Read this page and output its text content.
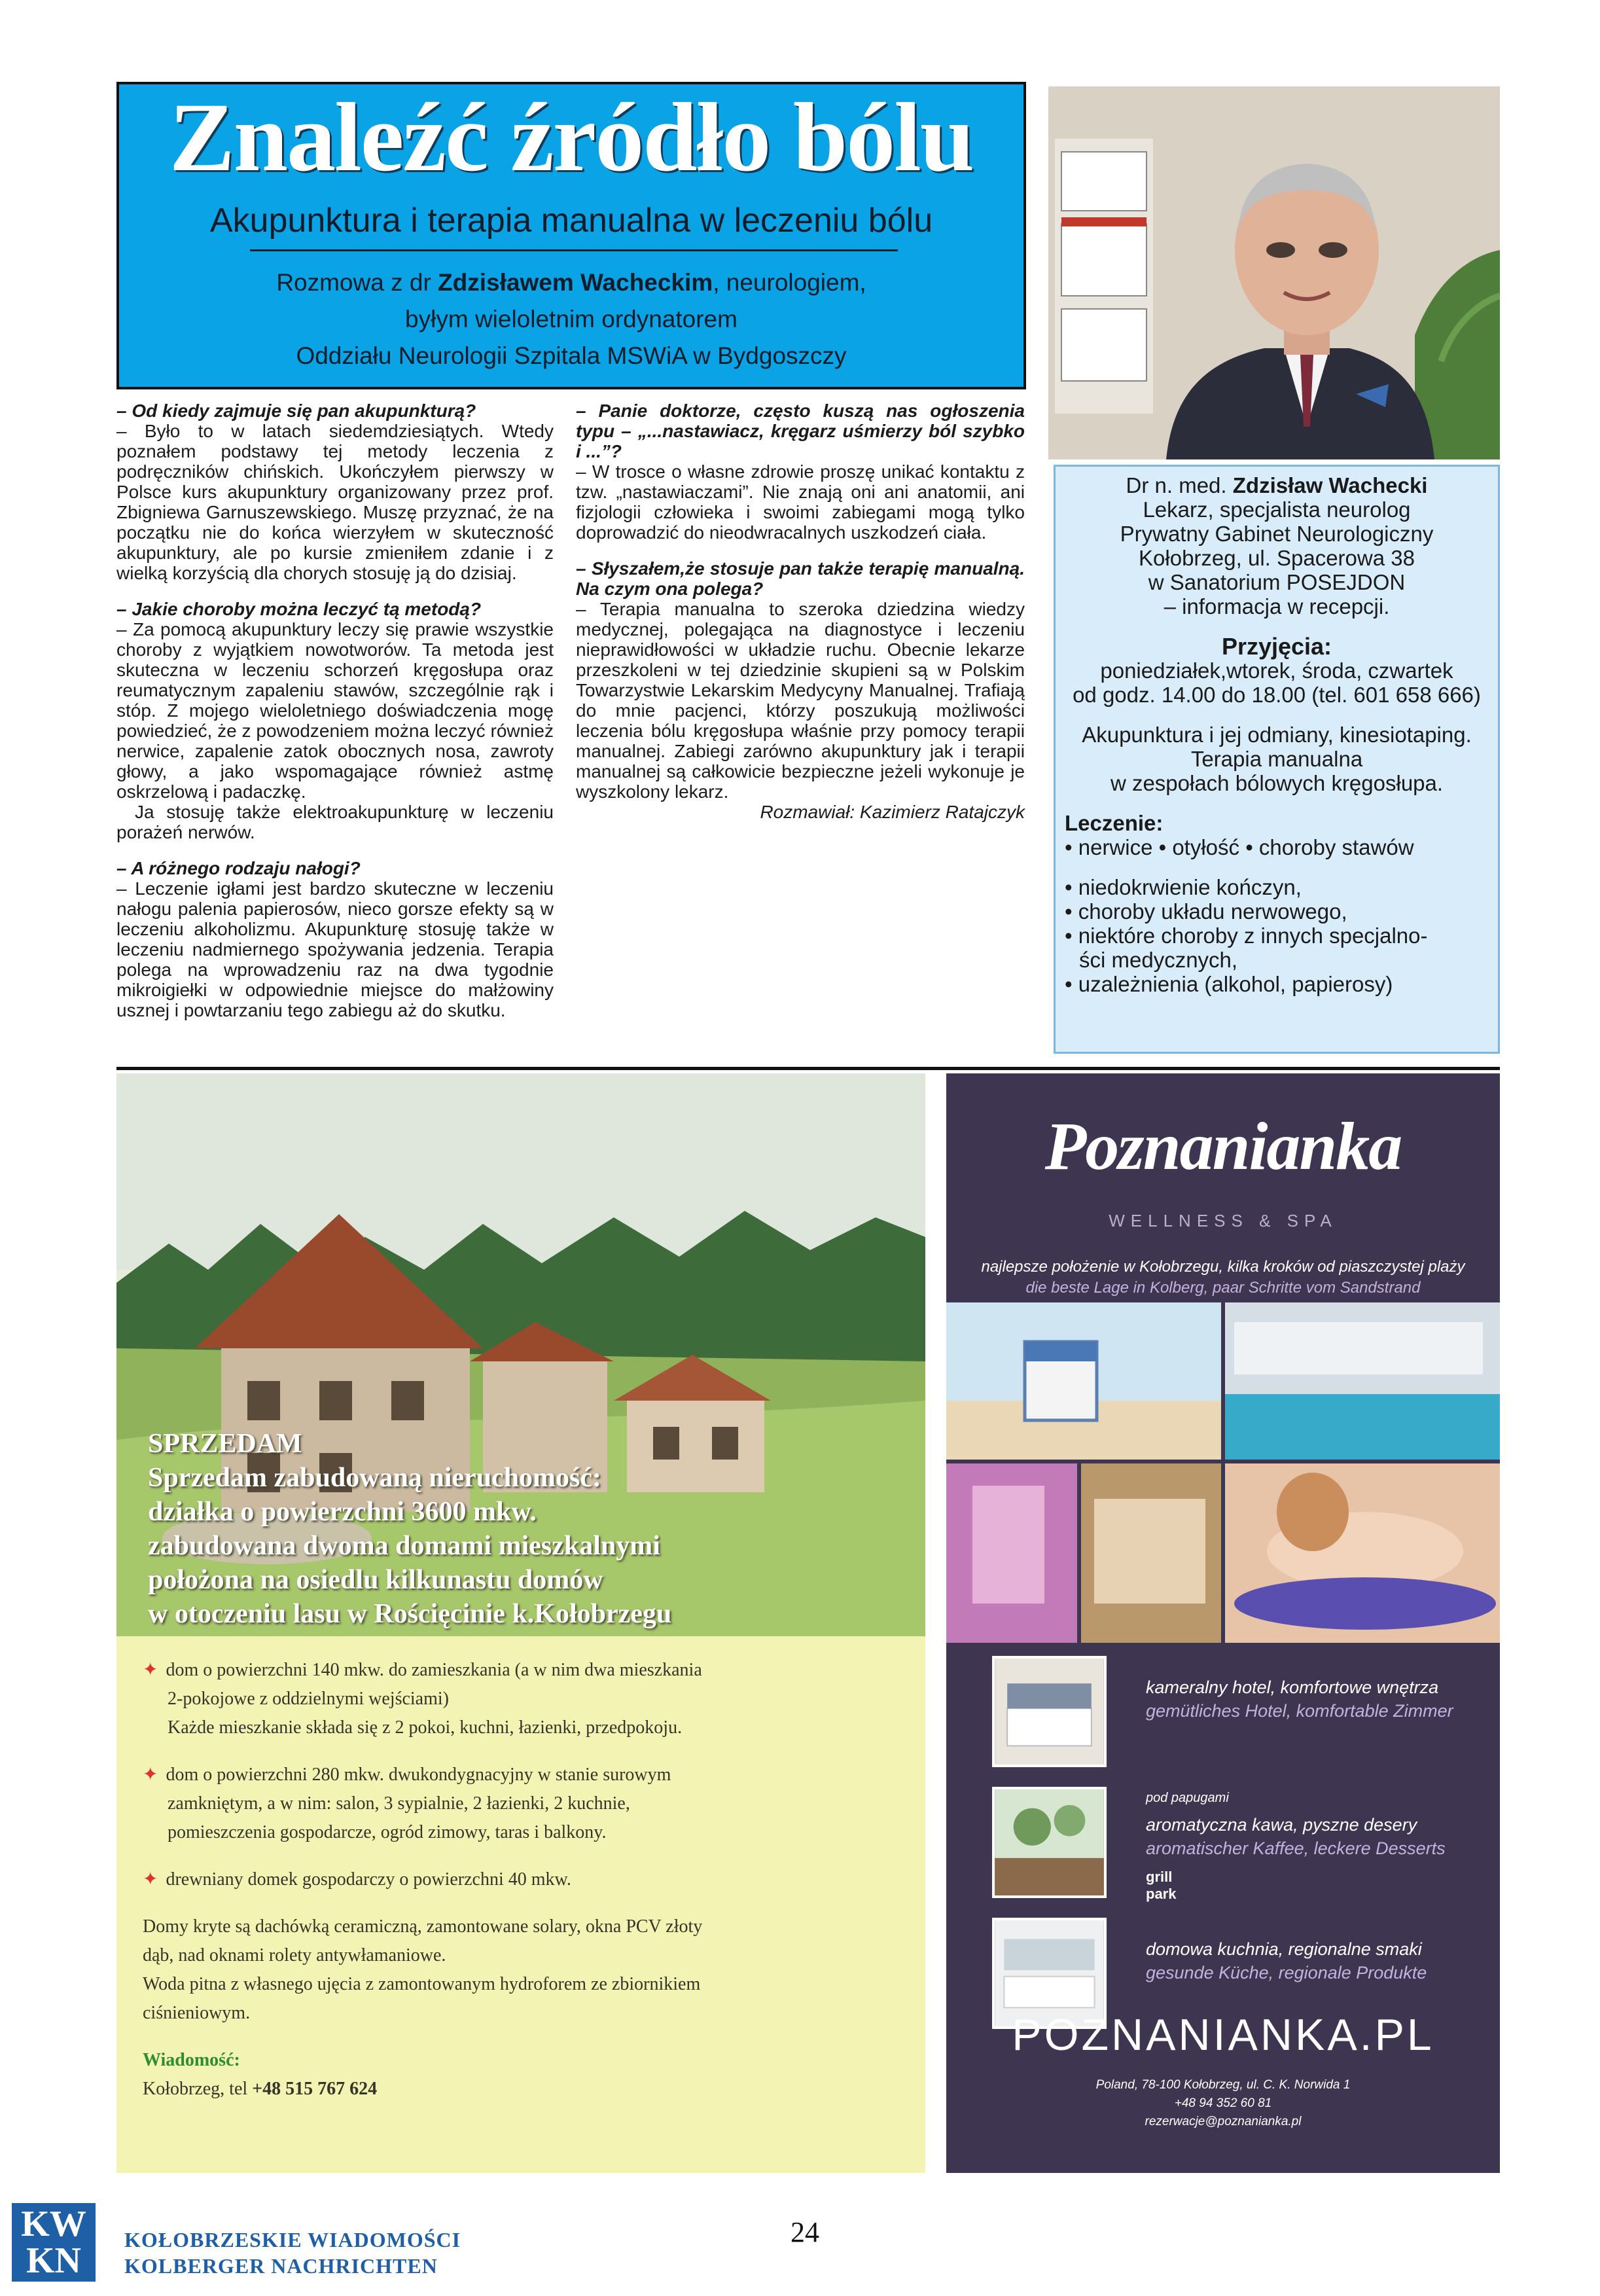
Znaleźć źródło bólu
Akupunktura i terapia manualna w leczeniu bólu
Rozmowa z dr Zdzisławem Wacheckim, neurologiem,
byłym wieloletnim ordynatorem
Oddziału Neurologii Szpitala MSWiA w Bydgoszczy
Dr n. med. Zdzisław Wachecki
Lekarz, specjalista neurolog
Prywatny Gabinet Neurologiczny
Kołobrzeg, ul. Spacerowa 38
w Sanatorium POSEJDON
– informacja w recepcji.
Przyjęcia:
poniedziałek,wtorek, środa, czwartek
od godz. 14.00 do 18.00 (tel. 601 658 666)
Akupunktura i jej odmiany, kinesiotaping.
Terapia manualna
w zespołach bólowych kręgosłupa.
Leczenie:
• nerwice • otyłość • choroby stawów
• niedokrwienie kończyn,
• choroby układu nerwowego,
• niektóre choroby z innych specjalno-
ści medycznych,
• uzależnienia (alkohol, papierosy)

– Od kiedy zajmuje się pan akupunkturą?

– Było to w latach siedemdziesiątych. Wtedy poznałem podstawy tej metody leczenia z podręczników chińskich. Ukończyłem pierwszy w Polsce kurs akupunktury organizowany przez prof. Zbigniewa Garnuszewskiego. Muszę przyznać, że na początku nie do końca wierzyłem w skuteczność akupunktury, ale po kursie zmieniłem zdanie i z wielką korzyścią dla chorych stosuję ją do dzisiaj.

– Jakie choroby można leczyć tą metodą?

– Za pomocą akupunktury leczy się prawie wszystkie choroby z wyjątkiem nowotworów. Ta metoda jest skuteczna w leczeniu schorzeń kręgosłupa oraz reumatycznym zapaleniu stawów, szczególnie rąk i stóp. Z mojego wieloletniego doświadczenia mogę powiedzieć, że z powodzeniem można leczyć również nerwice, zapalenie zatok obocznych nosa, zawroty głowy, a jako wspomagające również astmę oskrzelową i padaczkę.

Ja stosuję także elektroakupunkturę w leczeniu porażeń nerwów.

– A różnego rodzaju nałogi?

– Leczenie igłami jest bardzo skuteczne w leczeniu nałogu palenia papierosów, nieco gorsze efekty są w leczeniu alkoholizmu. Akupunkturę stosuję także w leczeniu nadmiernego spożywania jedzenia. Terapia polega na wprowadzeniu raz na dwa tygodnie mikroigiełki w odpowiednie miejsce do małżowiny usznej i powtarzaniu tego zabiegu aż do skutku.

– Panie doktorze, często kuszą nas ogłoszenia typu – „...nastawiacz, kręgarz uśmierzy ból szybko i ...”?

– W trosce o własne zdrowie proszę unikać kontaktu z tzw. „nastawiaczami”. Nie znają oni ani anatomii, ani fizjologii człowieka i swoimi zabiegami mogą tylko doprowadzić do nieodwracalnych uszkodzeń ciała.

– Słyszałem,że stosuje pan także terapię manualną. Na czym ona polega?

– Terapia manualna to szeroka dziedzina wiedzy medycznej, polegająca na diagnostyce i leczeniu nieprawidłowości w układzie ruchu. Obecnie lekarze przeszkoleni w tej dziedzinie skupieni są w Polskim Towarzystwie Lekarskim Medycyny Manualnej. Trafiają do mnie pacjenci, którzy poszukują możliwości leczenia bólu kręgosłupa właśnie przy pomocy terapii manualnej. Zabiegi zarówno akupunktury jak i terapii manualnej są całkowicie bezpieczne jeżeli wykonuje je wyszkolony lekarz.

Rozmawiał: Kazimierz Ratajczyk

SPRZEDAM
Sprzedam zabudowaną nieruchomość:
działka o powierzchni 3600 mkw.
zabudowana dwoma domami mieszkalnymi
położona na osiedlu kilkunastu domów
w otoczeniu lasu w Rościęcinie k.Kołobrzegu
✦ dom o powierzchni 140 mkw. do zamieszkania (a w nim dwa mieszkania
2-pokojowe z oddzielnymi wejściami)
Każde mieszkanie składa się z 2 pokoi, kuchni, łazienki, przedpokoju.
✦ dom o powierzchni 280 mkw. dwukondygnacyjny w stanie surowym
zamkniętym, a w nim: salon, 3 sypialnie, 2 łazienki, 2 kuchnie,
pomieszczenia gospodarcze, ogród zimowy, taras i balkony.
✦ drewniany domek gospodarczy o powierzchni 40 mkw.
Domy kryte są dachówką ceramiczną, zamontowane solary, okna PCV złoty
dąb, nad oknami rolety antywłamaniowe.
Woda pitna z własnego ujęcia z zamontowanym hydroforem ze zbiornikiem
ciśnieniowym.
Wiadomość:
Kołobrzeg, tel +48 515 767 624
Poznanianka
WELLNESS & SPA
najlepsze położenie w Kołobrzegu, kilka kroków od piaszczystej plaży
die beste Lage in Kolberg, paar Schritte vom Sandstrand
kameralny hotel, komfortowe wnętrza
gemütliches Hotel, komfortable Zimmer
pod papugami
aromatyczna kawa, pyszne desery
aromatischer Kaffee, leckere Desserts
grill
park
domowa kuchnia, regionalne smaki
gesunde Küche, regionale Produkte
POZNANIANKA.PL
Poland, 78-100 Kołobrzeg, ul. C. K. Norwida 1
+48 94 352 60 81
rezerwacje@poznanianka.pl
KW KN
KOŁOBRZESKIE WIADOMOŚCI
KOLBERGER NACHRICHTEN
24
